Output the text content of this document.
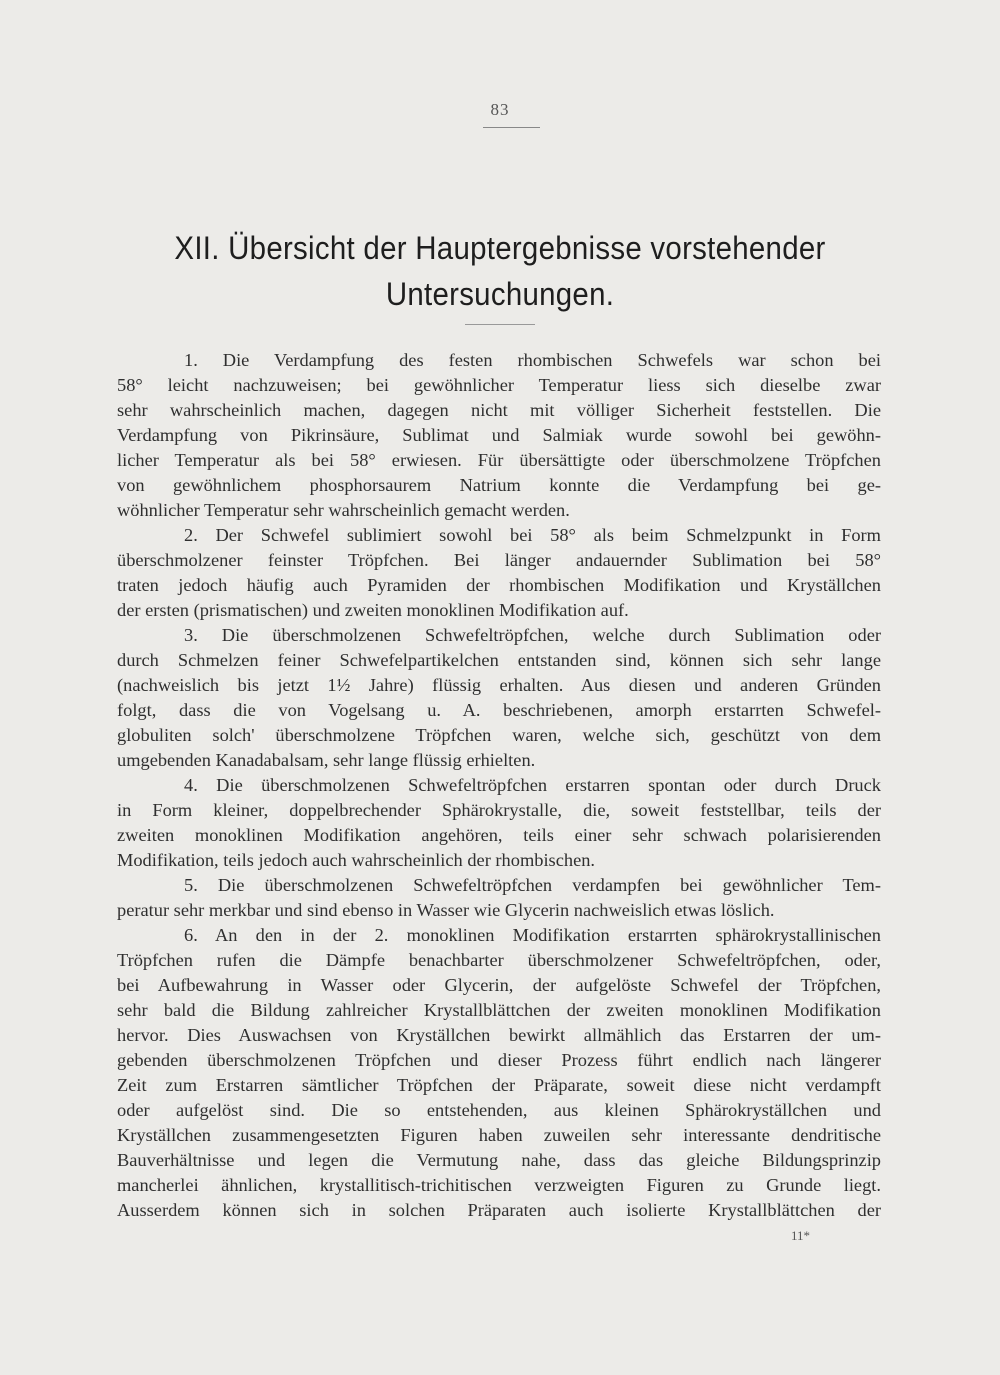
83
XII. Übersicht der Hauptergebnisse vorstehender
Untersuchungen.
1. Die Verdampfung des festen rhombischen Schwefels war schon bei
58° leicht nachzuweisen; bei gewöhnlicher Temperatur liess sich dieselbe zwar
sehr wahrscheinlich machen, dagegen nicht mit völliger Sicherheit feststellen. Die
Verdampfung von Pikrinsäure, Sublimat und Salmiak wurde sowohl bei gewöhn-
licher Temperatur als bei 58° erwiesen. Für übersättigte oder überschmolzene Tröpfchen
von gewöhnlichem phosphorsaurem Natrium konnte die Verdampfung bei ge-
wöhnlicher Temperatur sehr wahrscheinlich gemacht werden.
2. Der Schwefel sublimiert sowohl bei 58° als beim Schmelzpunkt in Form
überschmolzener feinster Tröpfchen. Bei länger andauernder Sublimation bei 58°
traten jedoch häufig auch Pyramiden der rhombischen Modifikation und Kryställchen
der ersten (prismatischen) und zweiten monoklinen Modifikation auf.
3. Die überschmolzenen Schwefeltröpfchen, welche durch Sublimation oder
durch Schmelzen feiner Schwefelpartikelchen entstanden sind, können sich sehr lange
(nachweislich bis jetzt 1½ Jahre) flüssig erhalten. Aus diesen und anderen Gründen
folgt, dass die von Vogelsang u. A. beschriebenen, amorph erstarrten Schwefel-
globuliten solch' überschmolzene Tröpfchen waren, welche sich, geschützt von dem
umgebenden Kanadabalsam, sehr lange flüssig erhielten.
4. Die überschmolzenen Schwefeltröpfchen erstarren spontan oder durch Druck
in Form kleiner, doppelbrechender Sphärokrystalle, die, soweit feststellbar, teils der
zweiten monoklinen Modifikation angehören, teils einer sehr schwach polarisierenden
Modifikation, teils jedoch auch wahrscheinlich der rhombischen.
5. Die überschmolzenen Schwefeltröpfchen verdampfen bei gewöhnlicher Tem-
peratur sehr merkbar und sind ebenso in Wasser wie Glycerin nachweislich etwas löslich.
6. An den in der 2. monoklinen Modifikation erstarrten sphärokrystallinischen
Tröpfchen rufen die Dämpfe benachbarter überschmolzener Schwefeltröpfchen, oder,
bei Aufbewahrung in Wasser oder Glycerin, der aufgelöste Schwefel der Tröpfchen,
sehr bald die Bildung zahlreicher Krystallblättchen der zweiten monoklinen Modifikation
hervor. Dies Auswachsen von Kryställchen bewirkt allmählich das Erstarren der um-
gebenden überschmolzenen Tröpfchen und dieser Prozess führt endlich nach längerer
Zeit zum Erstarren sämtlicher Tröpfchen der Präparate, soweit diese nicht verdampft
oder aufgelöst sind. Die so entstehenden, aus kleinen Sphärokryställchen und
Kryställchen zusammengesetzten Figuren haben zuweilen sehr interessante dendritische
Bauverhältnisse und legen die Vermutung nahe, dass das gleiche Bildungsprinzip
mancherlei ähnlichen, krystallitisch-trichitischen verzweigten Figuren zu Grunde liegt.
Ausserdem können sich in solchen Präparaten auch isolierte Krystallblättchen der
11*
